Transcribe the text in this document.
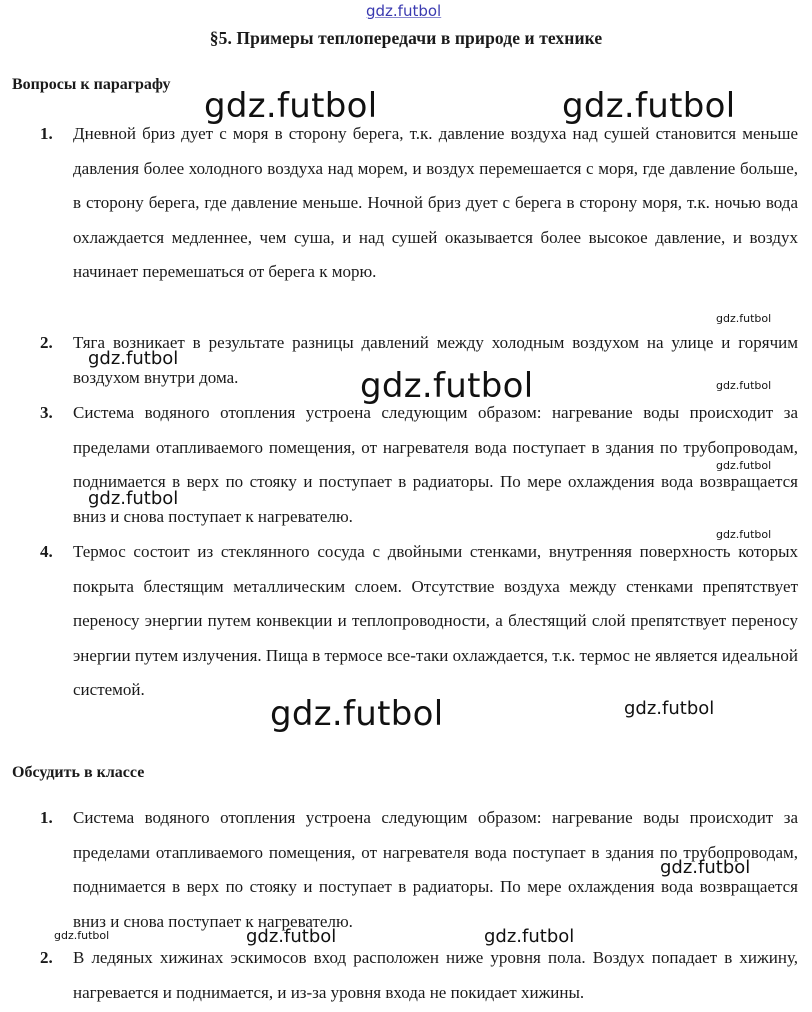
gdz.futbol
§5. Примеры теплопередачи в природе и технике
Вопросы к параграфу
1. Дневной бриз дует с моря в сторону берега, т.к. давление воздуха над сушей становится меньше давления более холодного воздуха над морем, и воздух перемешается с моря, где давление больше, в сторону берега, где давление меньше. Ночной бриз дует с берега в сторону моря, т.к. ночью вода охлаждается медленнее, чем суша, и над сушей оказывается более высокое давление, и воздух начинает перемешаться от берега к морю.
2. Тяга возникает в результате разницы давлений между холодным воздухом на улице и горячим воздухом внутри дома.
3. Система водяного отопления устроена следующим образом: нагревание воды происходит за пределами отапливаемого помещения, от нагревателя вода поступает в здания по трубопроводам, поднимается в верх по стояку и поступает в радиаторы. По мере охлаждения вода возвращается вниз и снова поступает к нагревателю.
4. Термос состоит из стеклянного сосуда с двойными стенками, внутренняя поверхность которых покрыта блестящим металлическим слоем. Отсутствие воздуха между стенками препятствует переносу энергии путем конвекции и теплопроводности, а блестящий слой препятствует переносу энергии путем излучения. Пища в термосе все-таки охлаждается, т.к. термос не является идеальной системой.
Обсудить в классе
1. Система водяного отопления устроена следующим образом: нагревание воды происходит за пределами отапливаемого помещения, от нагревателя вода поступает в здания по трубопроводам, поднимается в верх по стояку и поступает в радиаторы. По мере охлаждения вода возвращается вниз и снова поступает к нагревателю.
2. В ледяных хижинах эскимосов вход расположен ниже уровня пола. Воздух попадает в хижину, нагревается и поднимается, и из-за уровня входа не покидает хижины.
gdz.futbol	gdz.futbol
gdz.futbol
gdz.futbol
gdz.futbol	gdz.futbol
gdz.futbol
gdz.futbol
gdz.futbol
gdz.futbol	gdz.futbol
gdz.futbol
gdz.futbol	gdz.futbol
gdz.futbol
